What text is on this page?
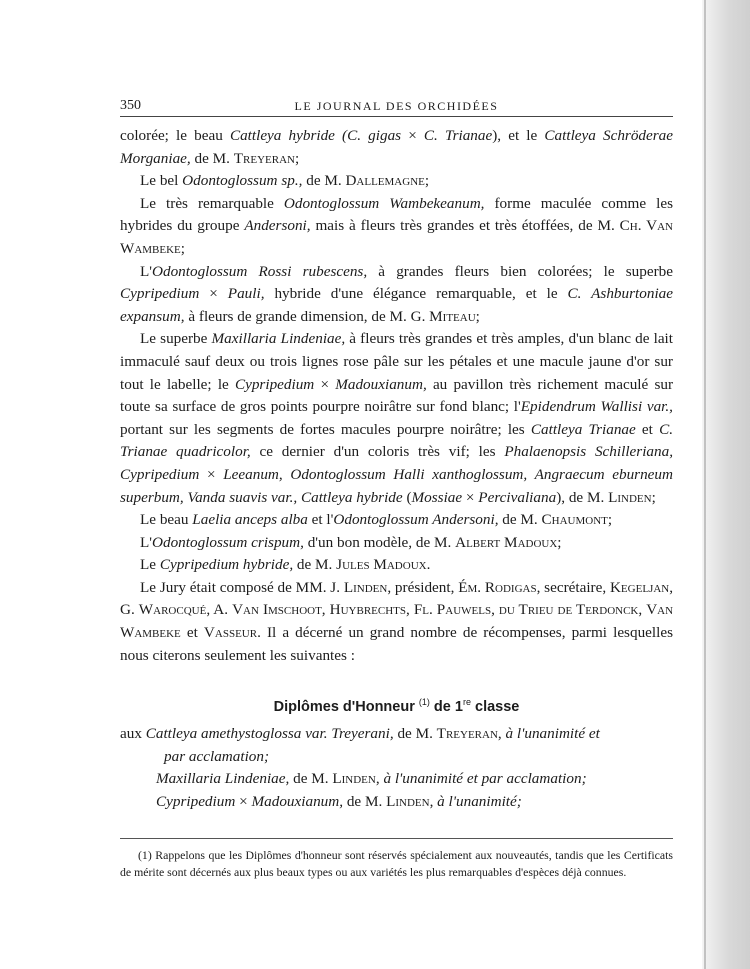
350	LE JOURNAL DES ORCHIDÉES

colorée; le beau Cattleya hybride (C. gigas × C. Trianae), et le Cattleya Schröderae Morganiae, de M. Treyeran;

Le bel Odontoglossum sp., de M. Dallemagne;

Le très remarquable Odontoglossum Wambekeanum, forme maculée comme les hybrides du groupe Andersoni, mais à fleurs très grandes et très étoffées, de M. Ch. Van Wambeke;

L'Odontoglossum Rossi rubescens, à grandes fleurs bien colorées; le superbe Cypripedium × Pauli, hybride d'une élégance remarquable, et le C. Ashburtoniae expansum, à fleurs de grande dimension, de M. G. Miteau;

Le superbe Maxillaria Lindeniae, à fleurs très grandes et très amples, d'un blanc de lait immaculé sauf deux ou trois lignes rose pâle sur les pétales et une macule jaune d'or sur tout le labelle; le Cypripedium × Madouxianum, au pavillon très richement maculé sur toute sa surface de gros points pourpre noirâtre sur fond blanc; l'Epidendrum Wallisi var., portant sur les segments de fortes macules pourpre noirâtre; les Cattleya Trianae et C. Trianae quadricolor, ce dernier d'un coloris très vif; les Phalaenopsis Schilleriana, Cypripedium × Leeanum, Odontoglossum Halli xanthoglossum, Angraecum eburneum superbum, Vanda suavis var., Cattleya hybride (Mossiae × Percivaliana), de M. Linden;

Le beau Laelia anceps alba et l'Odontoglossum Andersoni, de M. Chaumont;

L'Odontoglossum crispum, d'un bon modèle, de M. Albert Madoux;

Le Cypripedium hybride, de M. Jules Madoux.

Le Jury était composé de MM. J. Linden, président, Ém. Rodigas, secrétaire, Kegeljan, G. Warocqué, A. Van Imschoot, Huybrechts, Fl. Pauwels, du Trieu de Terdonck, Van Wambeke et Vasseur. Il a décerné un grand nombre de récompenses, parmi lesquelles nous citerons seulement les suivantes :

Diplômes d'Honneur $^{(1)}$ de 1re classe
aux Cattleya amethystoglossa var. Treyerani, de M. Treyeran, à l'unanimité et
par acclamation;
Maxillaria Lindeniae, de M. Linden, à l'unanimité et par acclamation;
Cypripedium × Madouxianum, de M. Linden, à l'unanimité;
(1) Rappelons que les Diplômes d'honneur sont réservés spécialement aux nouveautés, tandis que les Certificats de mérite sont décernés aux plus beaux types ou aux variétés les plus remarquables d'espèces déjà connues.
